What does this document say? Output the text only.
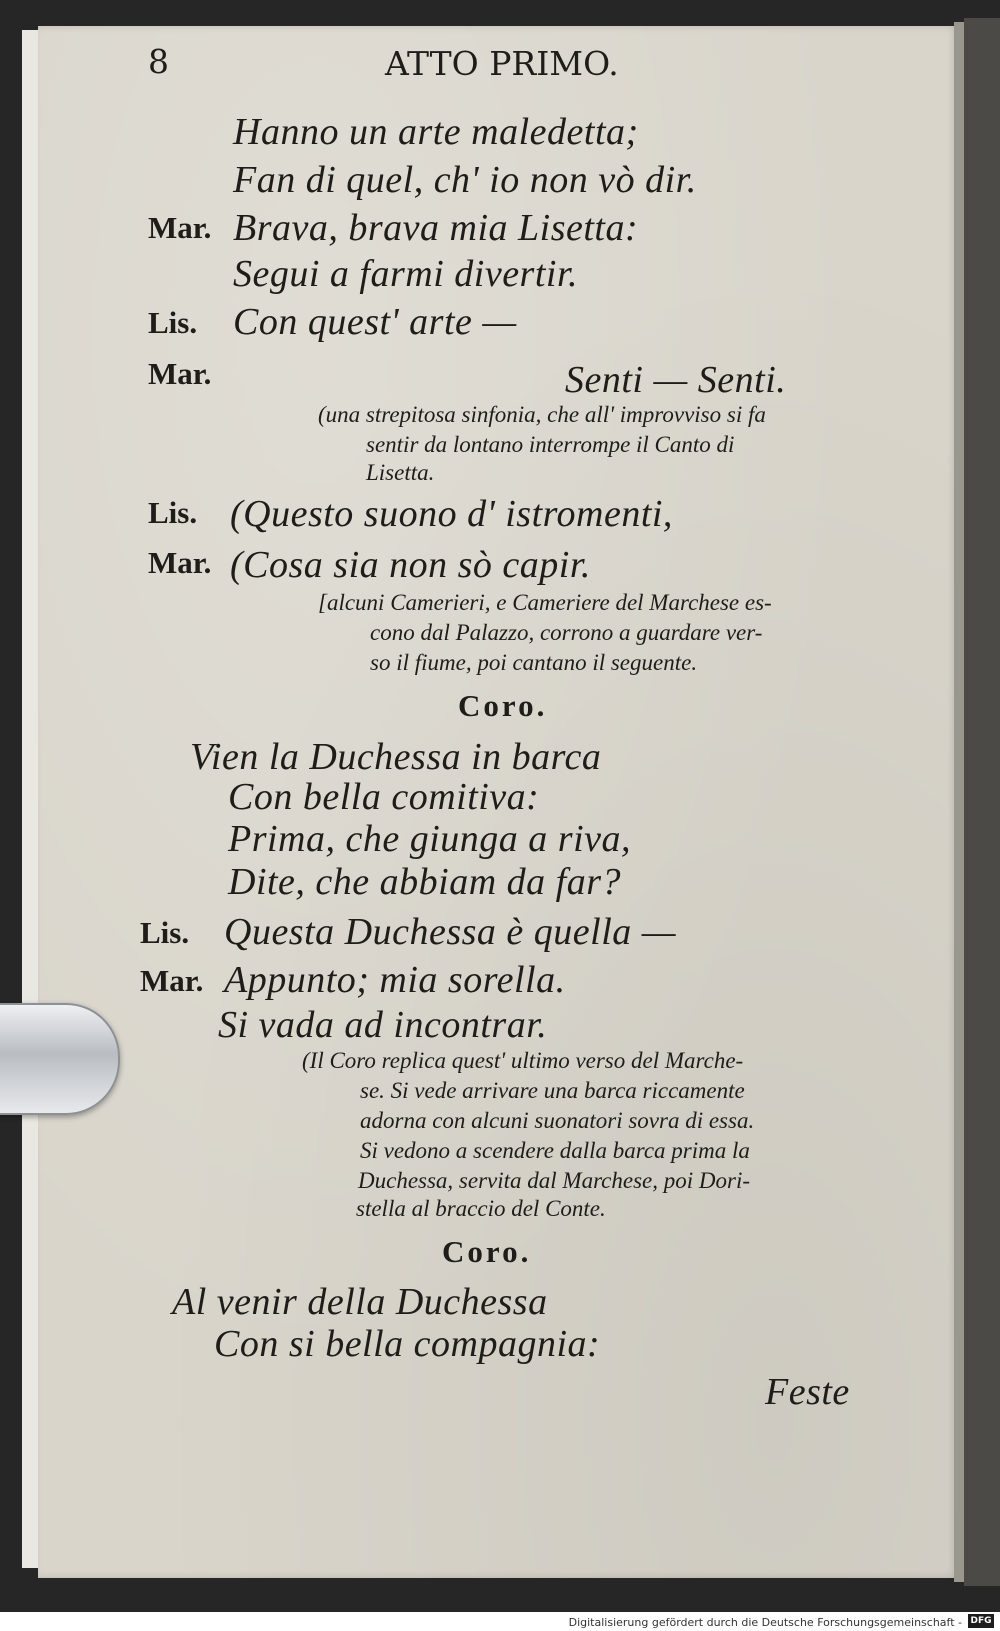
8	ATTO PRIMO.
Hanno un arte maledetta;
Fan di quel, ch' io non vò dir.
Mar. Brava, brava mia Lisetta:
Segui a farmi divertir.
Lis. Con quest' arte —
Mar.	Senti — Senti.
(una strepitosa sinfonia, che all' improvviso si fa
sentir da lontano interrompe il Canto di
Lisetta.
Lis. (Questo suono d' istromenti,
Mar. (Cosa sia non sò capir.
[alcuni Camerieri, e Cameriere del Marchese es-
cono dal Palazzo, corrono a guardare ver-
so il fiume, poi cantano il seguente.
Coro.
Vien la Duchessa in barca
Con bella comitiva:
Prima, che giunga a riva,
Dite, che abbiam da far?
Lis. Questa Duchessa è quella —
Mar. Appunto; mia sorella.
Si vada ad incontrar.
(Il Coro replica quest' ultimo verso del Marche-
se. Si vede arrivare una barca riccamente
adorna con alcuni suonatori sovra di essa.
Si vedono a scendere dalla barca prima la
Duchessa, servita dal Marchese, poi Dori-
stella al braccio del Conte.
Coro.
Al venir della Duchessa
Con si bella compagnia:
Feste
Digitalisierung gefördert durch die Deutsche Forschungsgemeinschaft - DFG
